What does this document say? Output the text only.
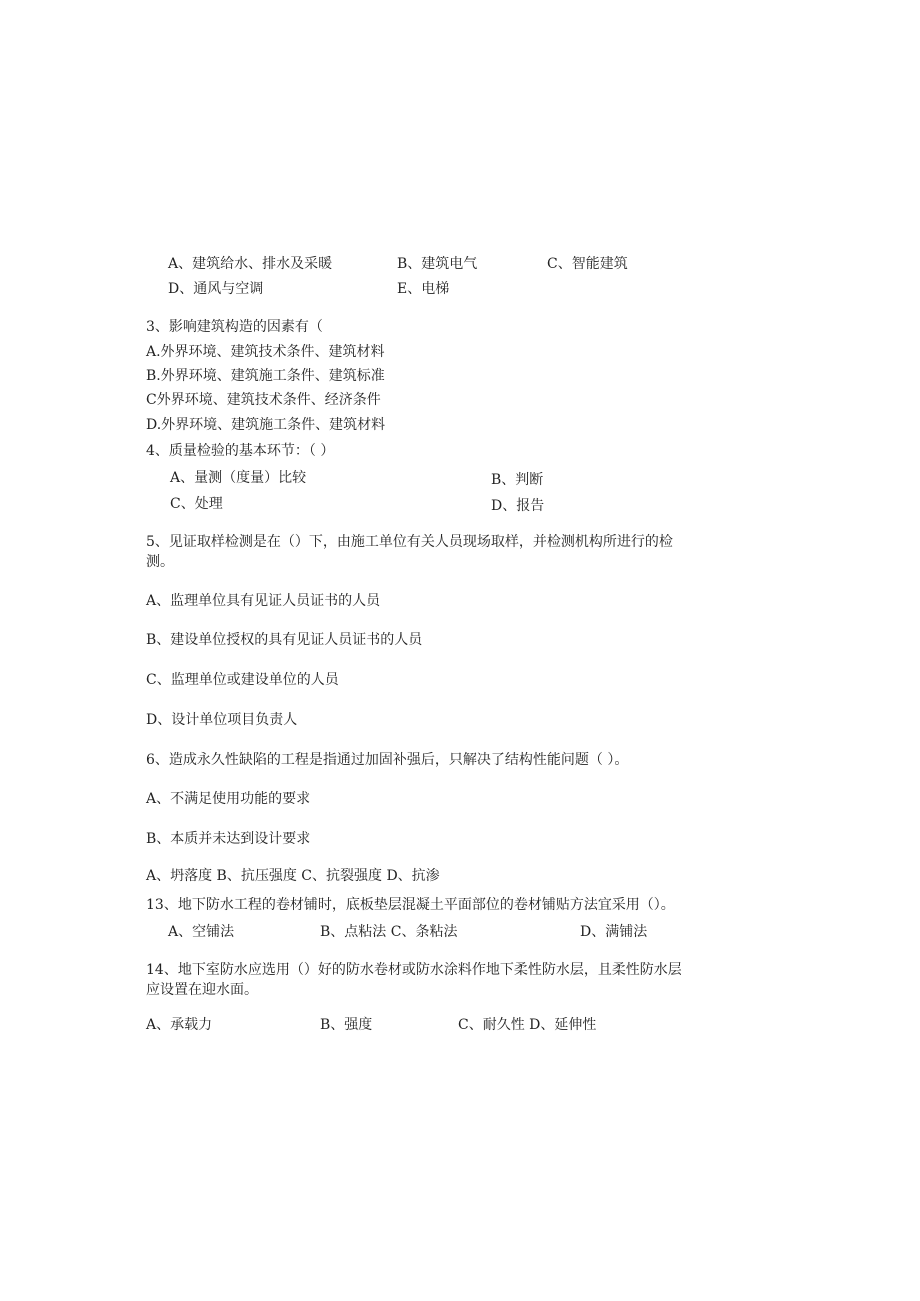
A、建筑给水、排水及采暖	B、建筑电气	C、智能建筑
D、通风与空调	E、电梯
3、影响建筑构造的因素有（
A.外界环境、建筑技术条件、建筑材料
B.外界环境、建筑施工条件、建筑标准
C外界环境、建筑技术条件、经济条件
D.外界环境、建筑施工条件、建筑材料
4、质量检验的基本环节：（ ）
A、量测（度量）比较	B、判断
C、处理	D、报告
5、见证取样检测是在（）下，由施工单位有关人员现场取样，并检测机构所进行的检
测。
A、监理单位具有见证人员证书的人员
B、建设单位授权的具有见证人员证书的人员
C、监理单位或建设单位的人员
D、设计单位项目负责人
6、造成永久性缺陷的工程是指通过加固补强后，只解决了结构性能问题（ ）。
A、不满足使用功能的要求
B、本质并未达到设计要求
A、坍落度 B、抗压强度 C、抗裂强度 D、抗渗
13、地下防水工程的卷材铺时，底板垫层混凝土平面部位的卷材铺贴方法宜采用（）。
A、空铺法	B、点粘法 C、条粘法	D、满铺法
14、地下室防水应选用（）好的防水卷材或防水涂料作地下柔性防水层，且柔性防水层
应设置在迎水面。
A、承载力	B、强度	C、耐久性 D、延伸性
